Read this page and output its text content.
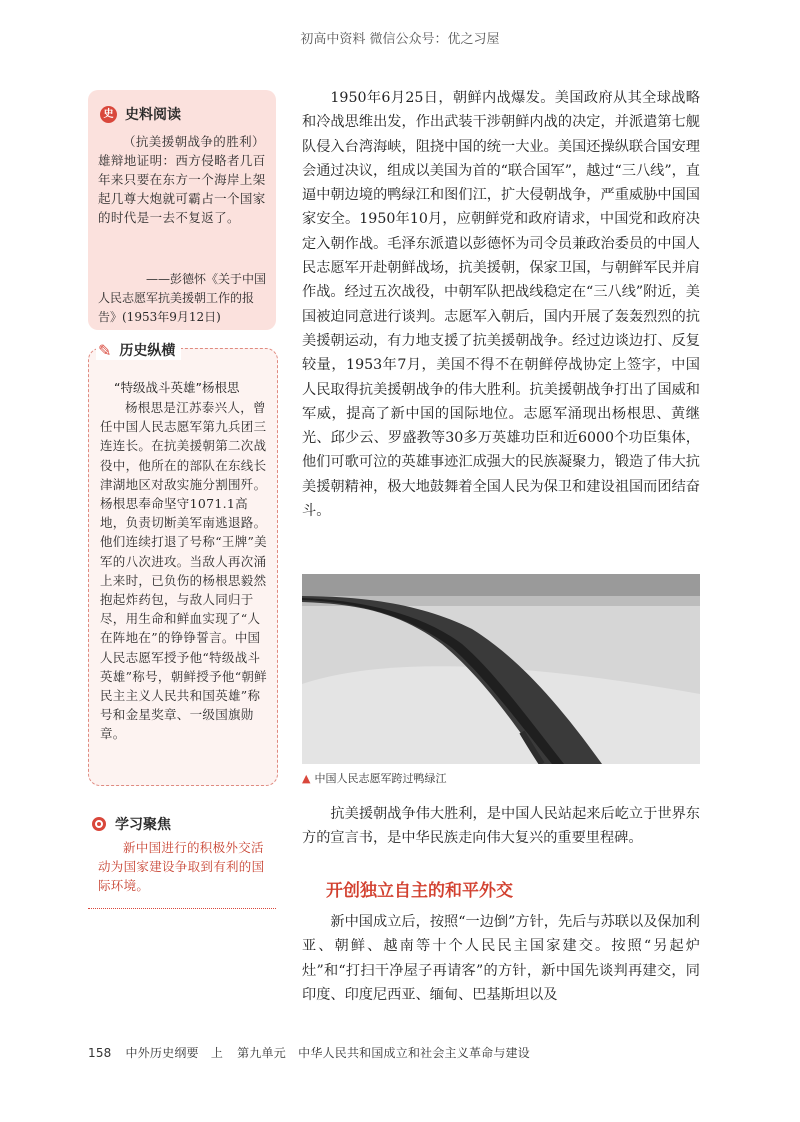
初高中资料 微信公众号：优之习屋
史 史料阅读
（抗美援朝战争的胜利）雄辩地证明：西方侵略者几百年来只要在东方一个海岸上架起几尊大炮就可霸占一个国家的时代是一去不复返了。
——彭德怀《关于中国
人民志愿军抗美援朝工作的报告》(1953年9月12日)
✎ 历史纵横
“特级战斗英雄”杨根思
杨根思是江苏泰兴人，曾任中国人民志愿军第九兵团三连连长。在抗美援朝第二次战役中，他所在的部队在东线长津湖地区对敌实施分割围歼。杨根思奉命坚守1071.1高地，负责切断美军南逃退路。他们连续打退了号称“王牌”美军的八次进攻。当敌人再次涌上来时，已负伤的杨根思毅然抱起炸药包，与敌人同归于尽，用生命和鲜血实现了“人在阵地在”的铮铮誓言。中国人民志愿军授予他“特级战斗英雄”称号，朝鲜授予他“朝鲜民主主义人民共和国英雄”称号和金星奖章、一级国旗勋章。
学习聚焦
新中国进行的积极外交活动为国家建设争取到有利的国际环境。
1950年6月25日，朝鲜内战爆发。美国政府从其全球战略和冷战思维出发，作出武装干涉朝鲜内战的决定，并派遣第七舰队侵入台湾海峡，阻挠中国的统一大业。美国还操纵联合国安理会通过决议，组成以美国为首的“联合国军”，越过“三八线”，直逼中朝边境的鸭绿江和图们江，扩大侵朝战争，严重威胁中国国家安全。1950年10月，应朝鲜党和政府请求，中国党和政府决定入朝作战。毛泽东派遣以彭德怀为司令员兼政治委员的中国人民志愿军开赴朝鲜战场，抗美援朝，保家卫国，与朝鲜军民并肩作战。经过五次战役，中朝军队把战线稳定在“三八线”附近，美国被迫同意进行谈判。志愿军入朝后，国内开展了轰轰烈烈的抗美援朝运动，有力地支援了抗美援朝战争。经过边谈边打、反复较量，1953年7月，美国不得不在朝鲜停战协定上签字，中国人民取得抗美援朝战争的伟大胜利。抗美援朝战争打出了国威和军威，提高了新中国的国际地位。志愿军涌现出杨根思、黄继光、邱少云、罗盛教等30多万英雄功臣和近6000个功臣集体，他们可歌可泣的英雄事迹汇成强大的民族凝聚力，锻造了伟大抗美援朝精神，极大地鼓舞着全国人民为保卫和建设祖国而团结奋斗。
▲ 中国人民志愿军跨过鸭绿江
抗美援朝战争伟大胜利，是中国人民站起来后屹立于世界东方的宣言书，是中华民族走向伟大复兴的重要里程碑。
开创独立自主的和平外交
新中国成立后，按照“一边倒”方针，先后与苏联以及保加利亚、朝鲜、越南等十个人民民主国家建交。按照“另起炉灶”和“打扫干净屋子再请客”的方针，新中国先谈判再建交，同印度、印度尼西亚、缅甸、巴基斯坦以及
158 中外历史纲要　上 第九单元　中华人民共和国成立和社会主义革命与建设
